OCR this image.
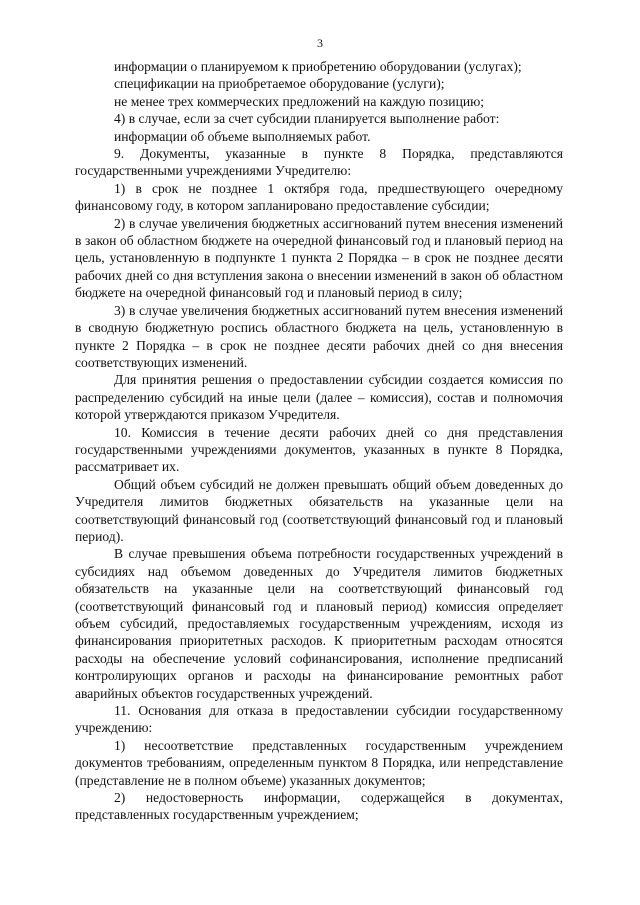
3

информации о планируемом к приобретению оборудовании (услугах);

спецификации на приобретаемое оборудование (услуги);

не менее трех коммерческих предложений на каждую позицию;

4) в случае, если за счет субсидии планируется выполнение работ:

информации об объеме выполняемых работ.

9. Документы, указанные в пункте 8 Порядка, представляются государственными учреждениями Учредителю:

1) в срок не позднее 1 октября года, предшествующего очередному финансовому году, в котором запланировано предоставление субсидии;

2) в случае увеличения бюджетных ассигнований путем внесения изменений в закон об областном бюджете на очередной финансовый год и плановый период на цель, установленную в подпункте 1 пункта 2 Порядка – в срок не позднее десяти рабочих дней со дня вступления закона о внесении изменений в закон об областном бюджете на очередной финансовый год и плановый период в силу;

3) в случае увеличения бюджетных ассигнований путем внесения изменений в сводную бюджетную роспись областного бюджета на цель, установленную в пункте 2 Порядка – в срок не позднее десяти рабочих дней со дня внесения соответствующих изменений.

Для принятия решения о предоставлении субсидии создается комиссия по распределению субсидий на иные цели (далее – комиссия), состав и полномочия которой утверждаются приказом Учредителя.

10. Комиссия в течение десяти рабочих дней со дня представления государственными учреждениями документов, указанных в пункте 8 Порядка, рассматривает их.

Общий объем субсидий не должен превышать общий объем доведенных до Учредителя лимитов бюджетных обязательств на указанные цели на соответствующий финансовый год (соответствующий финансовый год и плановый период).

В случае превышения объема потребности государственных учреждений в субсидиях над объемом доведенных до Учредителя лимитов бюджетных обязательств на указанные цели на соответствующий финансовый год (соответствующий финансовый год и плановый период) комиссия определяет объем субсидий, предоставляемых государственным учреждениям, исходя из финансирования приоритетных расходов. К приоритетным расходам относятся расходы на обеспечение условий софинансирования, исполнение предписаний контролирующих органов и расходы на финансирование ремонтных работ аварийных объектов государственных учреждений.

11. Основания для отказа в предоставлении субсидии государственному учреждению:

1) несоответствие представленных государственным учреждением документов требованиям, определенным пунктом 8 Порядка, или непредставление (представление не в полном объеме) указанных документов;

2) недостоверность информации, содержащейся в документах,

представленных государственным учреждением;
